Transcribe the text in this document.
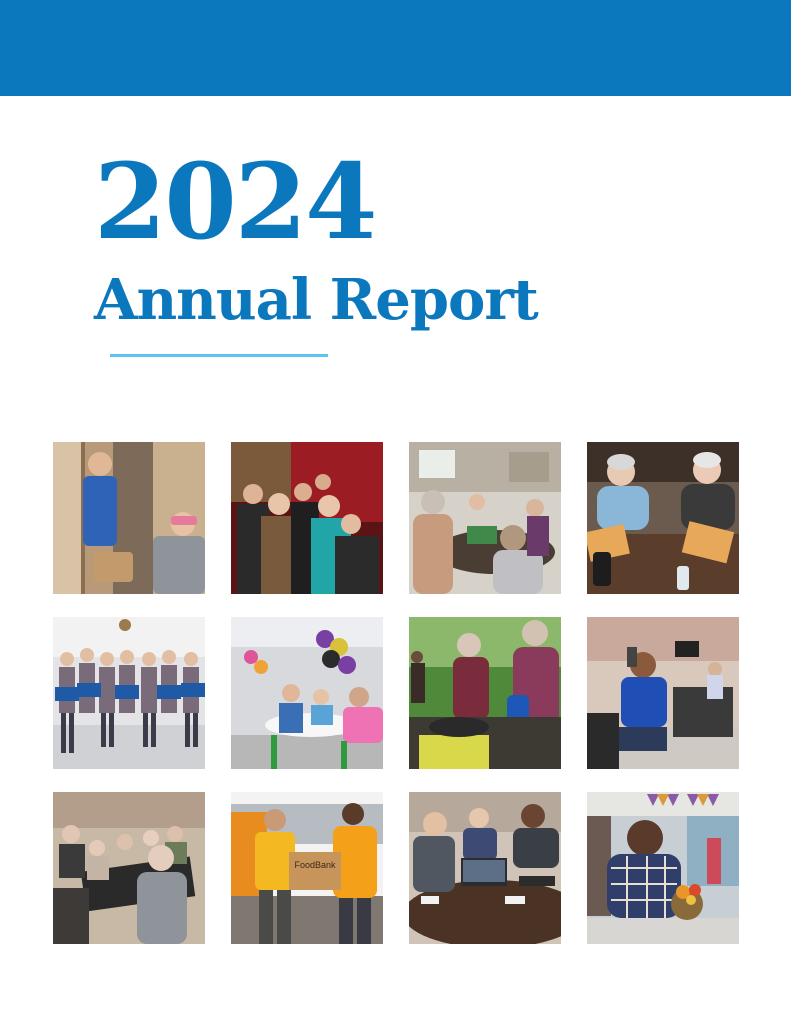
2024
Annual Report
FoodBank
